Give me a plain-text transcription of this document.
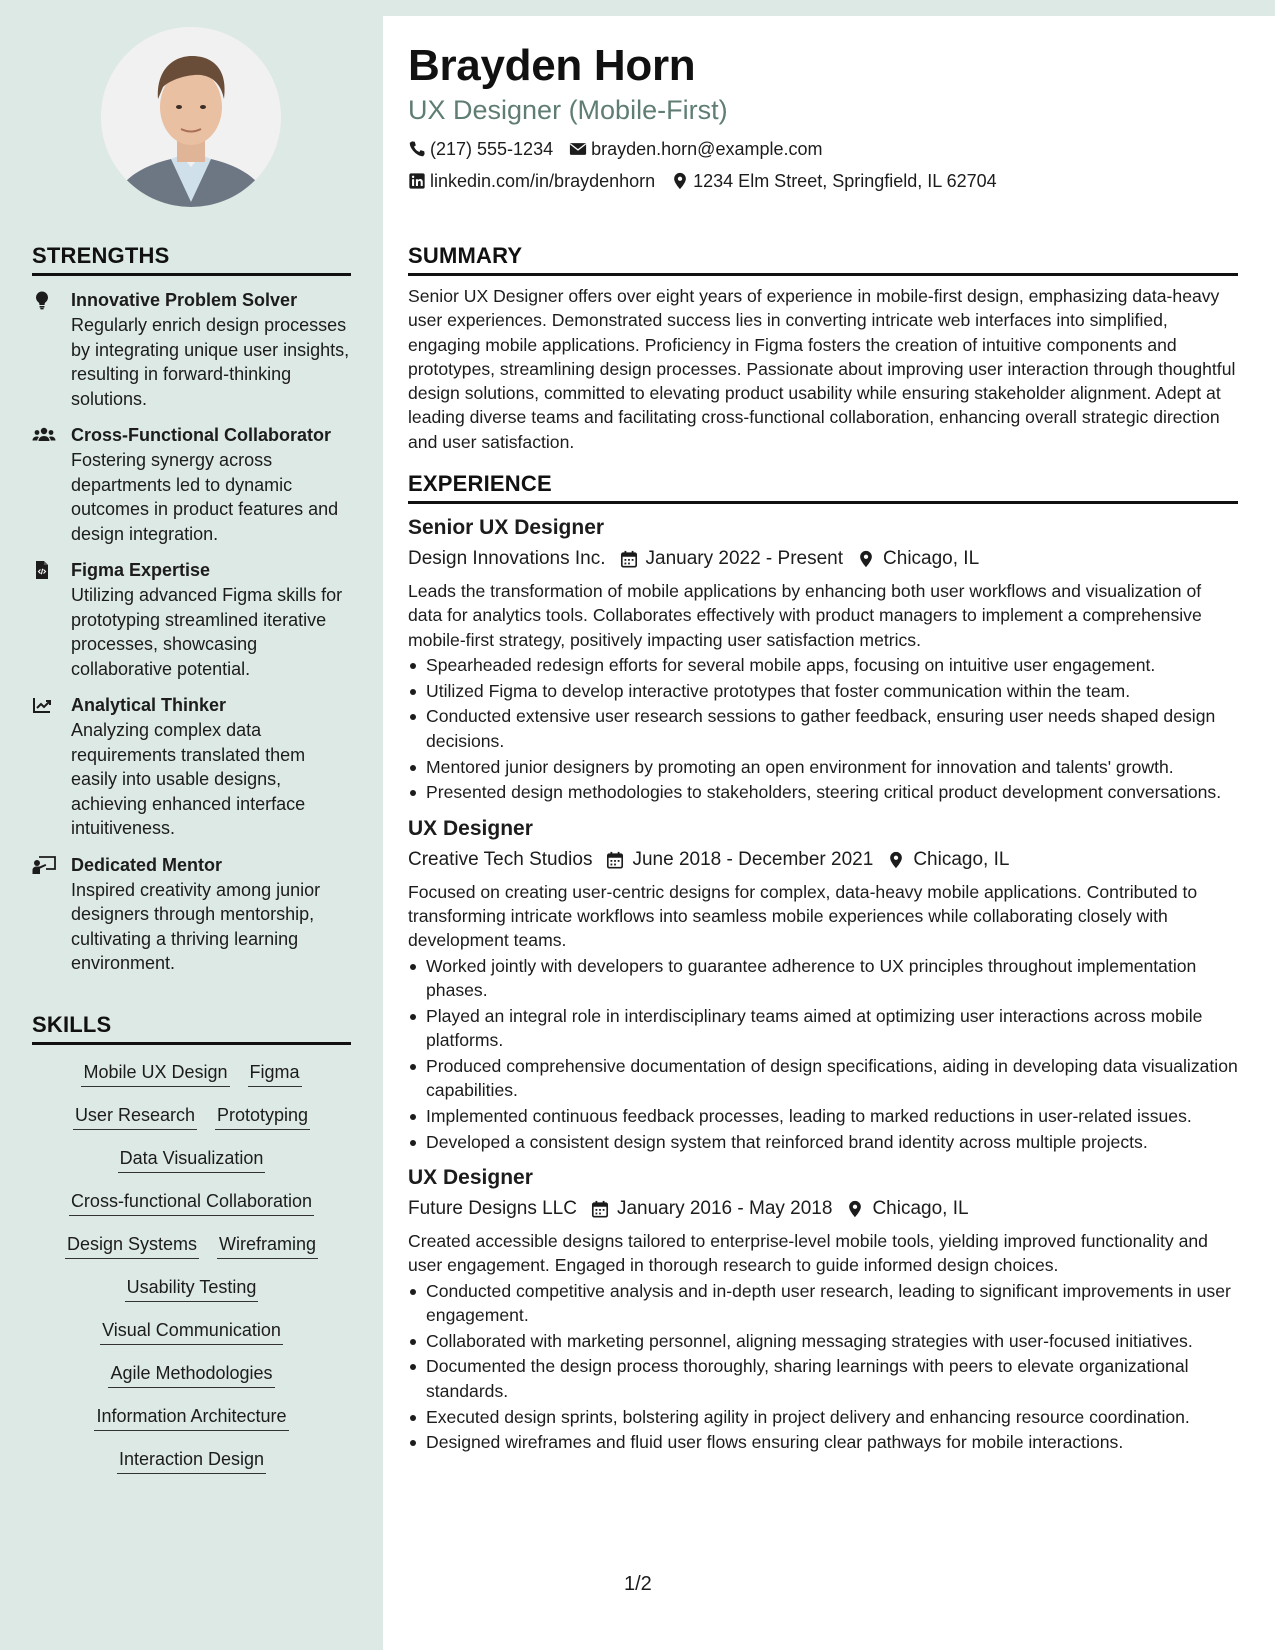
STRENGTHS
Innovative Problem Solver
Regularly enrich design processes by integrating unique user insights, resulting in forward-thinking solutions.
Cross-Functional Collaborator
Fostering synergy across departments led to dynamic outcomes in product features and design integration.
Figma Expertise
Utilizing advanced Figma skills for prototyping streamlined iterative processes, showcasing collaborative potential.
Analytical Thinker
Analyzing complex data requirements translated them easily into usable designs, achieving enhanced interface intuitiveness.
Dedicated Mentor
Inspired creativity among junior designers through mentorship, cultivating a thriving learning environment.
SKILLS
Mobile UX Design Figma
User Research Prototyping
Data Visualization
Cross-functional Collaboration
Design Systems Wireframing
Usability Testing
Visual Communication
Agile Methodologies
Information Architecture
Interaction Design
Brayden Horn
UX Designer (Mobile-First)
(217) 555-1234 brayden.horn@example.com
linkedin.com/in/braydenhorn 1234 Elm Street, Springfield, IL 62704
SUMMARY
Senior UX Designer offers over eight years of experience in mobile-first design, emphasizing data-heavy user experiences. Demonstrated success lies in converting intricate web interfaces into simplified, engaging mobile applications. Proficiency in Figma fosters the creation of intuitive components and prototypes, streamlining design processes. Passionate about improving user interaction through thoughtful design solutions, committed to elevating product usability while ensuring stakeholder alignment. Adept at leading diverse teams and facilitating cross-functional collaboration, enhancing overall strategic direction and user satisfaction.
EXPERIENCE
Senior UX Designer
Design Innovations Inc. January 2022 - Present Chicago, IL
Leads the transformation of mobile applications by enhancing both user workflows and visualization of data for analytics tools. Collaborates effectively with product managers to implement a comprehensive mobile-first strategy, positively impacting user satisfaction metrics.
Spearheaded redesign efforts for several mobile apps, focusing on intuitive user engagement.
Utilized Figma to develop interactive prototypes that foster communication within the team.
Conducted extensive user research sessions to gather feedback, ensuring user needs shaped design decisions.
Mentored junior designers by promoting an open environment for innovation and talents' growth.
Presented design methodologies to stakeholders, steering critical product development conversations.
UX Designer
Creative Tech Studios June 2018 - December 2021 Chicago, IL
Focused on creating user-centric designs for complex, data-heavy mobile applications. Contributed to transforming intricate workflows into seamless mobile experiences while collaborating closely with development teams.
Worked jointly with developers to guarantee adherence to UX principles throughout implementation phases.
Played an integral role in interdisciplinary teams aimed at optimizing user interactions across mobile platforms.
Produced comprehensive documentation of design specifications, aiding in developing data visualization capabilities.
Implemented continuous feedback processes, leading to marked reductions in user-related issues.
Developed a consistent design system that reinforced brand identity across multiple projects.
UX Designer
Future Designs LLC January 2016 - May 2018 Chicago, IL
Created accessible designs tailored to enterprise-level mobile tools, yielding improved functionality and user engagement. Engaged in thorough research to guide informed design choices.
Conducted competitive analysis and in-depth user research, leading to significant improvements in user engagement.
Collaborated with marketing personnel, aligning messaging strategies with user-focused initiatives.
Documented the design process thoroughly, sharing learnings with peers to elevate organizational standards.
Executed design sprints, bolstering agility in project delivery and enhancing resource coordination.
Designed wireframes and fluid user flows ensuring clear pathways for mobile interactions.
1/2
